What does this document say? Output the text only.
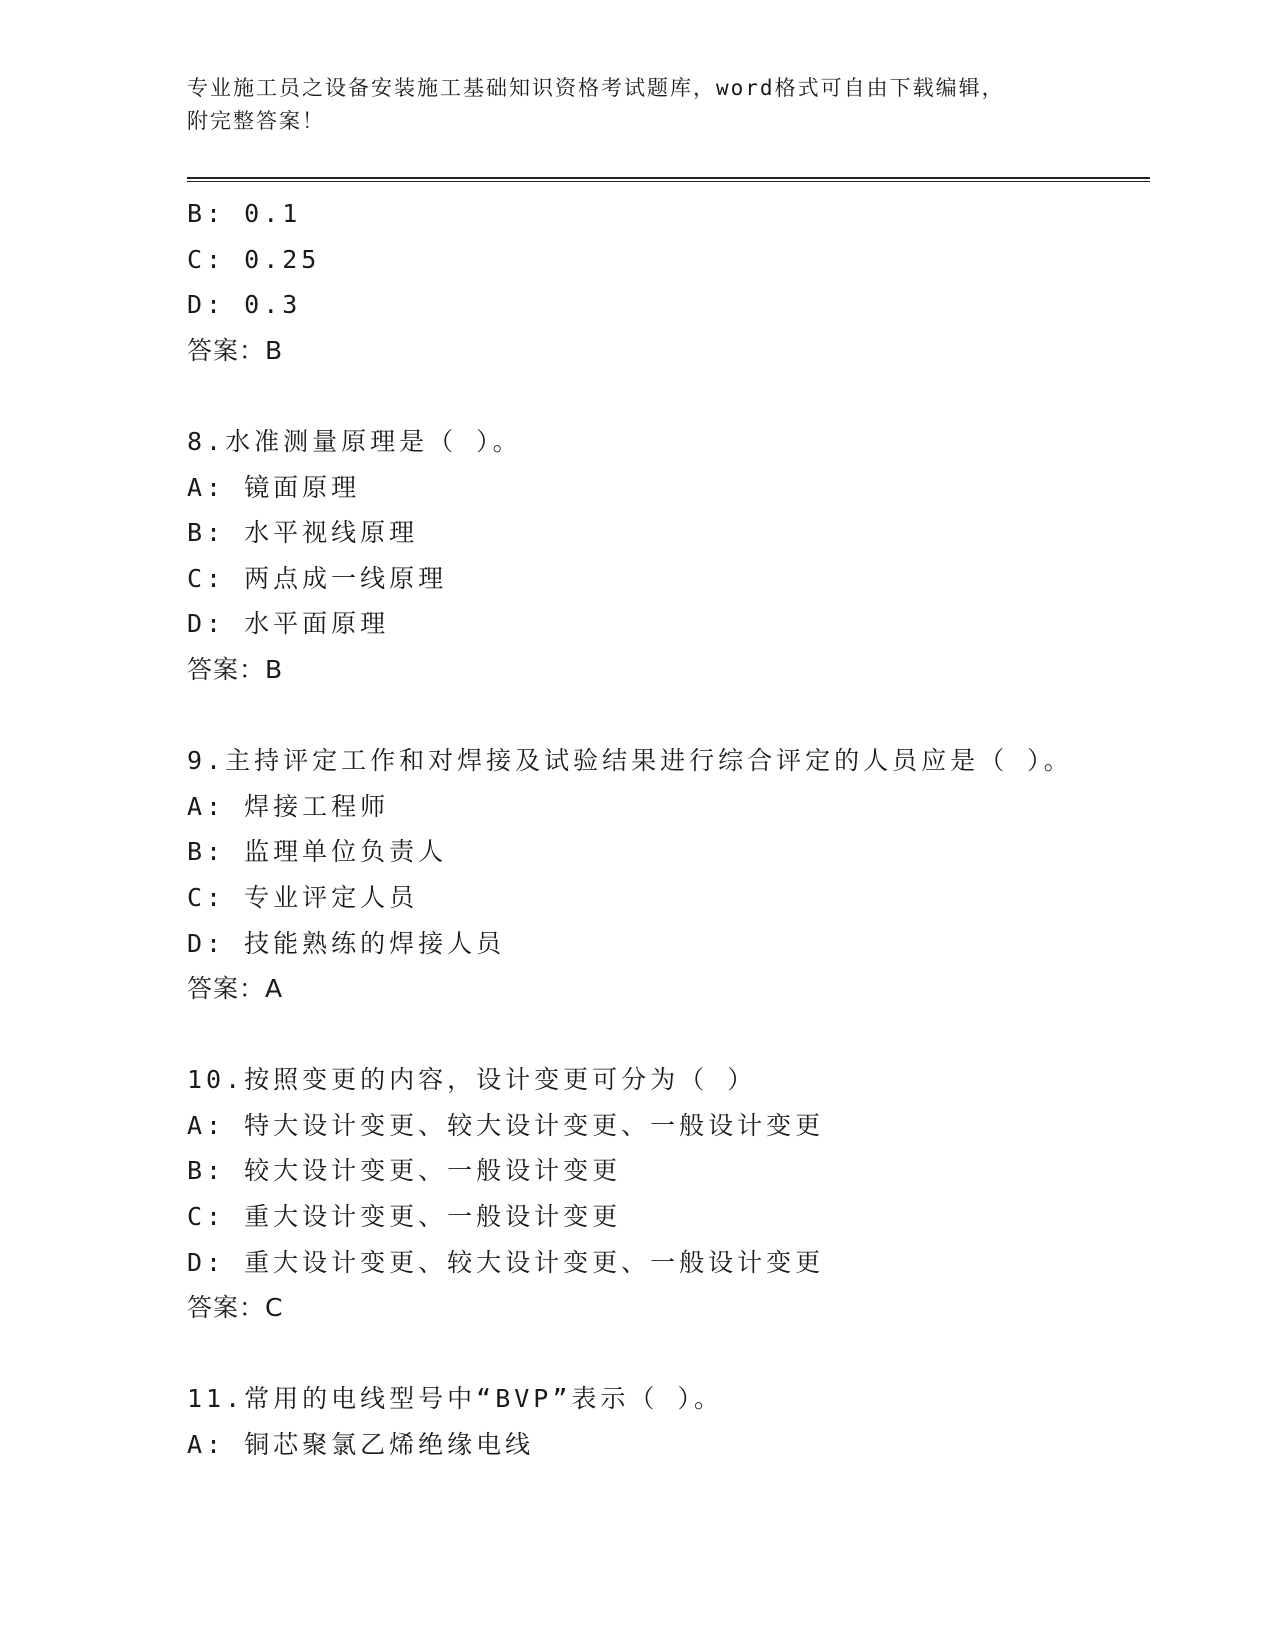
专业施工员之设备安装施工基础知识资格考试题库，word格式可自由下载编辑，
附完整答案！
B: 0.1
C: 0.25
D: 0.3
答案：B
8.水准测量原理是（ ）。
A: 镜面原理
B: 水平视线原理
C: 两点成一线原理
D: 水平面原理
答案：B
9.主持评定工作和对焊接及试验结果进行综合评定的人员应是（ ）。
A: 焊接工程师
B: 监理单位负责人
C: 专业评定人员
D: 技能熟练的焊接人员
答案：A
10.按照变更的内容，设计变更可分为（ ）
A: 特大设计变更、较大设计变更、一般设计变更
B: 较大设计变更、一般设计变更
C: 重大设计变更、一般设计变更
D: 重大设计变更、较大设计变更、一般设计变更
答案：C
11.常用的电线型号中“BVP”表示（ ）。
A: 铜芯聚氯乙烯绝缘电线
